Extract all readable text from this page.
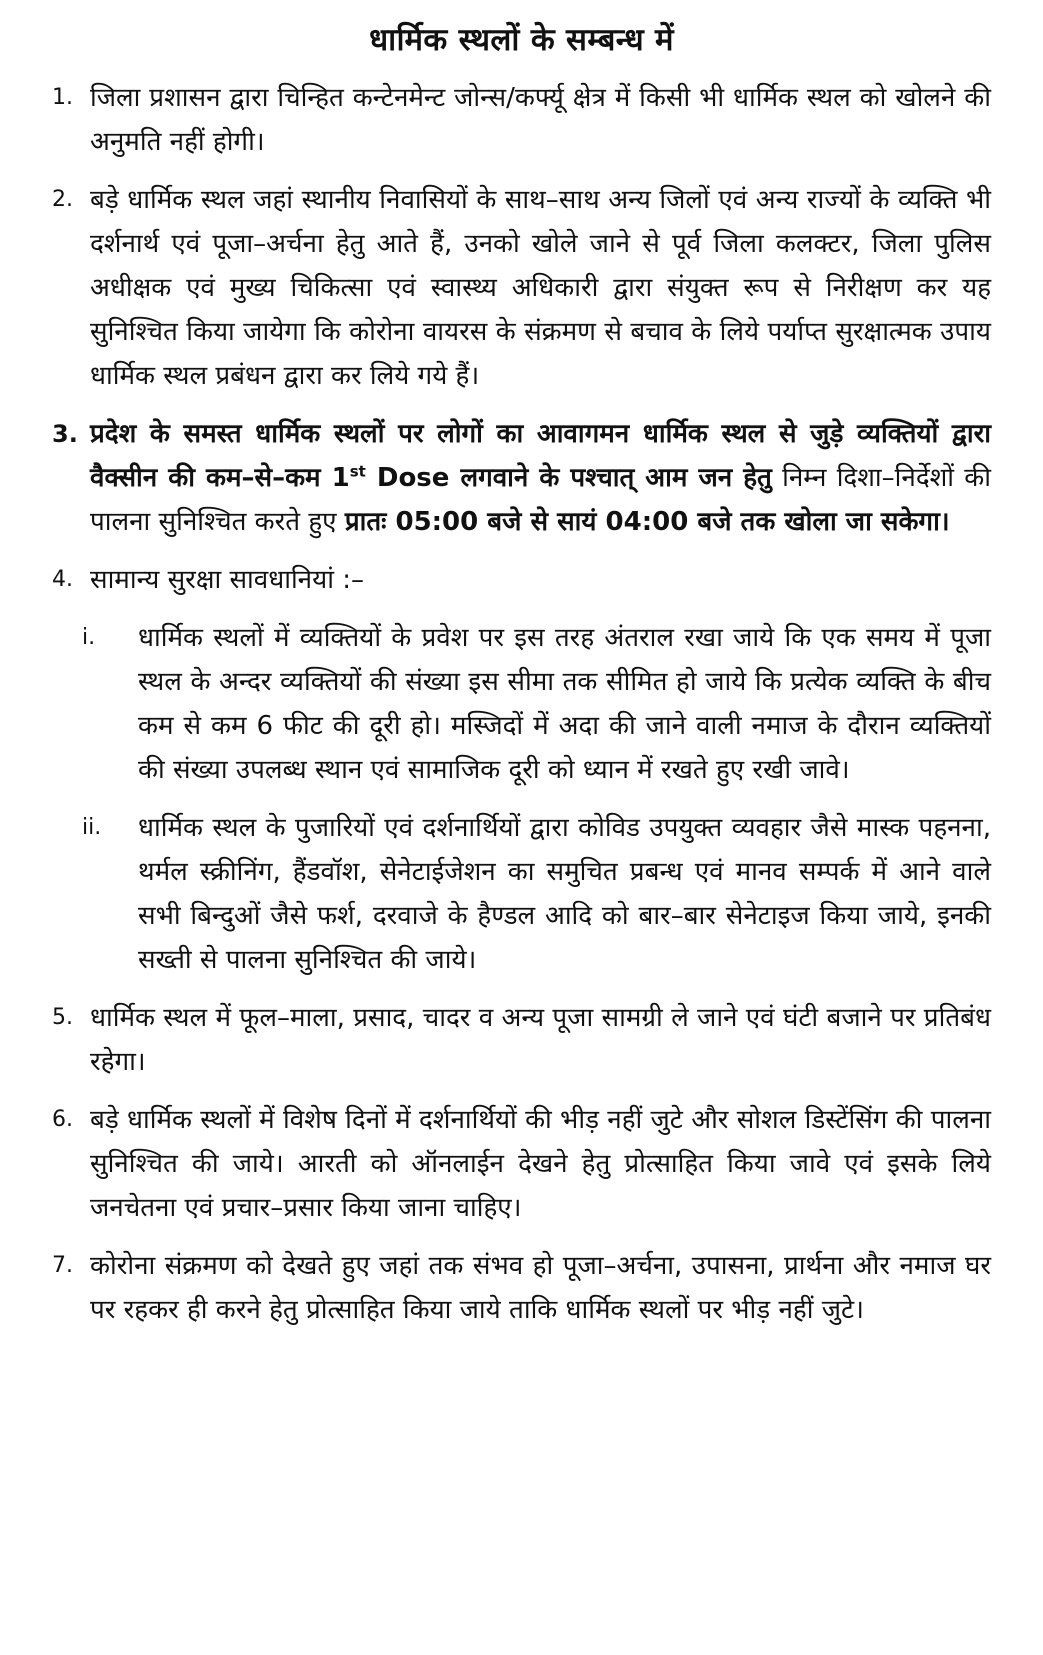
धार्मिक स्थलों के सम्बन्ध में
1. जिला प्रशासन द्वारा चिन्हित कन्टेनमेन्ट जोन्स/कर्फ्यू क्षेत्र में किसी भी धार्मिक स्थल को खोलने की अनुमति नहीं होगी।
2. बड़े धार्मिक स्थल जहां स्थानीय निवासियों के साथ–साथ अन्य जिलों एवं अन्य राज्यों के व्यक्ति भी दर्शनार्थ एवं पूजा–अर्चना हेतु आते हैं, उनको खोले जाने से पूर्व जिला कलक्टर, जिला पुलिस अधीक्षक एवं मुख्य चिकित्सा एवं स्वास्थ्य अधिकारी द्वारा संयुक्त रूप से निरीक्षण कर यह सुनिश्चित किया जायेगा कि कोरोना वायरस के संक्रमण से बचाव के लिये पर्याप्त सुरक्षात्मक उपाय धार्मिक स्थल प्रबंधन द्वारा कर लिये गये हैं।
3. प्रदेश के समस्त धार्मिक स्थलों पर लोगों का आवागमन धार्मिक स्थल से जुड़े व्यक्तियों द्वारा वैक्सीन की कम–से–कम 1st Dose लगवाने के पश्चात् आम जन हेतु निम्न दिशा–निर्देशों की पालना सुनिश्चित करते हुए प्रातः 05:00 बजे से सायं 04:00 बजे तक खोला जा सकेगा।
4. सामान्य सुरक्षा सावधानियां :–
i. धार्मिक स्थलों में व्यक्तियों के प्रवेश पर इस तरह अंतराल रखा जाये कि एक समय में पूजा स्थल के अन्दर व्यक्तियों की संख्या इस सीमा तक सीमित हो जाये कि प्रत्येक व्यक्ति के बीच कम से कम 6 फीट की दूरी हो। मस्जिदों में अदा की जाने वाली नमाज के दौरान व्यक्तियों की संख्या उपलब्ध स्थान एवं सामाजिक दूरी को ध्यान में रखते हुए रखी जावे।
ii. धार्मिक स्थल के पुजारियों एवं दर्शनार्थियों द्वारा कोविड उपयुक्त व्यवहार जैसे मास्क पहनना, थर्मल स्क्रीनिंग, हैंडवॉश, सेनेटाईजेशन का समुचित प्रबन्ध एवं मानव सम्पर्क में आने वाले सभी बिन्दुओं जैसे फर्श, दरवाजे के हैण्डल आदि को बार–बार सेनेटाइज किया जाये, इनकी सख्ती से पालना सुनिश्चित की जाये।
5. धार्मिक स्थल में फूल–माला, प्रसाद, चादर व अन्य पूजा सामग्री ले जाने एवं घंटी बजाने पर प्रतिबंध रहेगा।
6. बड़े धार्मिक स्थलों में विशेष दिनों में दर्शनार्थियों की भीड़ नहीं जुटे और सोशल डिस्टेंसिंग की पालना सुनिश्चित की जाये। आरती को ऑनलाईन देखने हेतु प्रोत्साहित किया जावे एवं इसके लिये जनचेतना एवं प्रचार–प्रसार किया जाना चाहिए।
7. कोरोना संक्रमण को देखते हुए जहां तक संभव हो पूजा–अर्चना, उपासना, प्रार्थना और नमाज घर पर रहकर ही करने हेतु प्रोत्साहित किया जाये ताकि धार्मिक स्थलों पर भीड़ नहीं जुटे।
